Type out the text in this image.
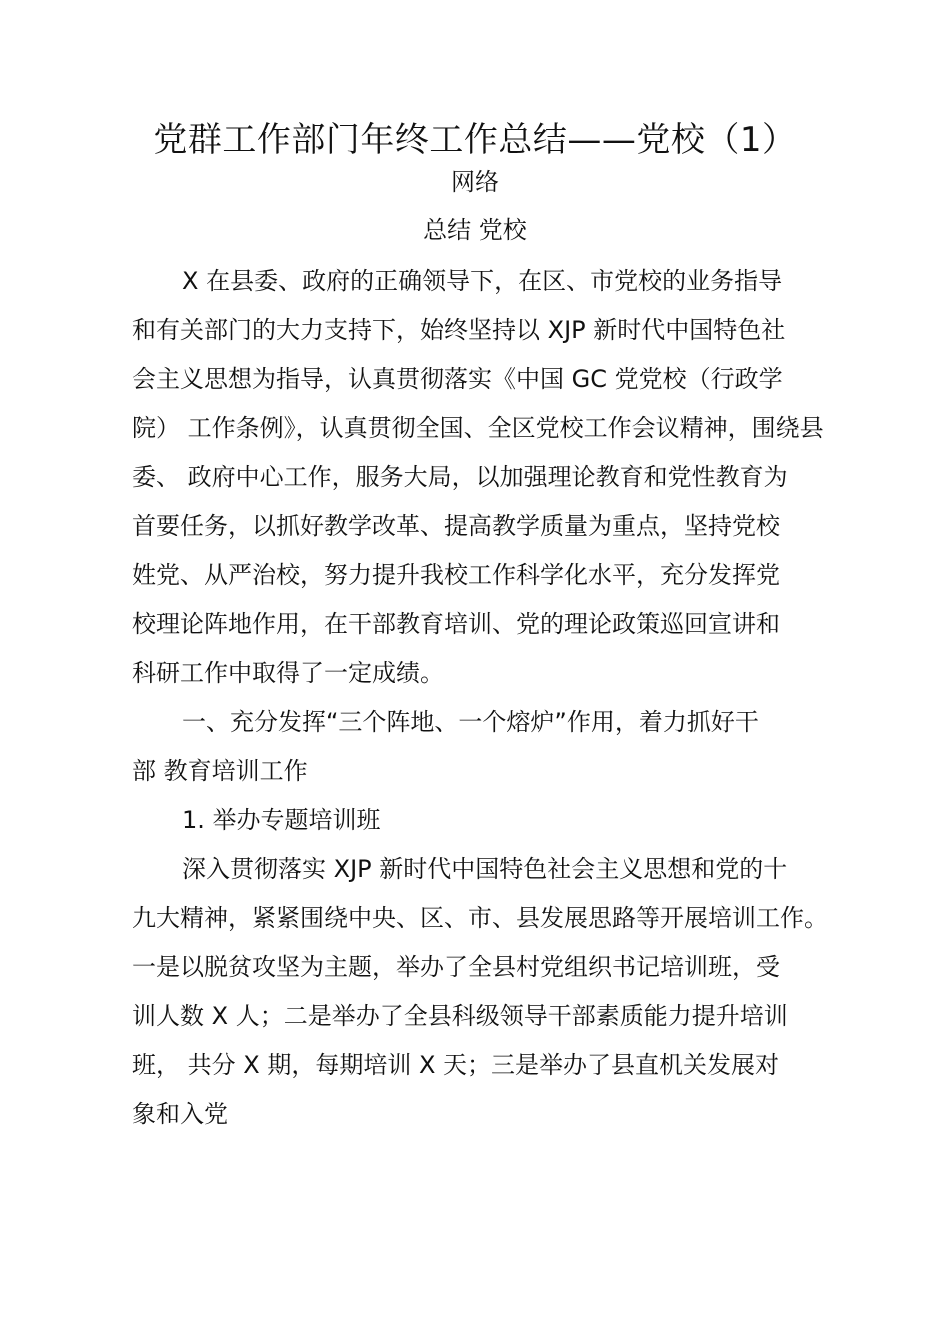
党群工作部门年终工作总结——党校（1）
网络
总结 党校
X 在县委、政府的正确领导下，在区、市党校的业务指导
和有关部门的大力支持下，始终坚持以 XJP 新时代中国特色社
会主义思想为指导，认真贯彻落实《中国 GC 党党校（行政学
院） 工作条例》，认真贯彻全国、全区党校工作会议精神，围绕县
委、 政府中心工作，服务大局，以加强理论教育和党性教育为
首要任务，以抓好教学改革、提高教学质量为重点，坚持党校
姓党、从严治校，努力提升我校工作科学化水平，充分发挥党
校理论阵地作用，在干部教育培训、党的理论政策巡回宣讲和
科研工作中取得了一定成绩。
一、充分发挥“三个阵地、一个熔炉”作用，着力抓好干
部 教育培训工作
1. 举办专题培训班
深入贯彻落实 XJP 新时代中国特色社会主义思想和党的十
九大精神，紧紧围绕中央、区、市、县发展思路等开展培训工作。
一是以脱贫攻坚为主题，举办了全县村党组织书记培训班，受
训人数 X 人；二是举办了全县科级领导干部素质能力提升培训
班， 共分 X 期，每期培训 X 天；三是举办了县直机关发展对
象和入党
